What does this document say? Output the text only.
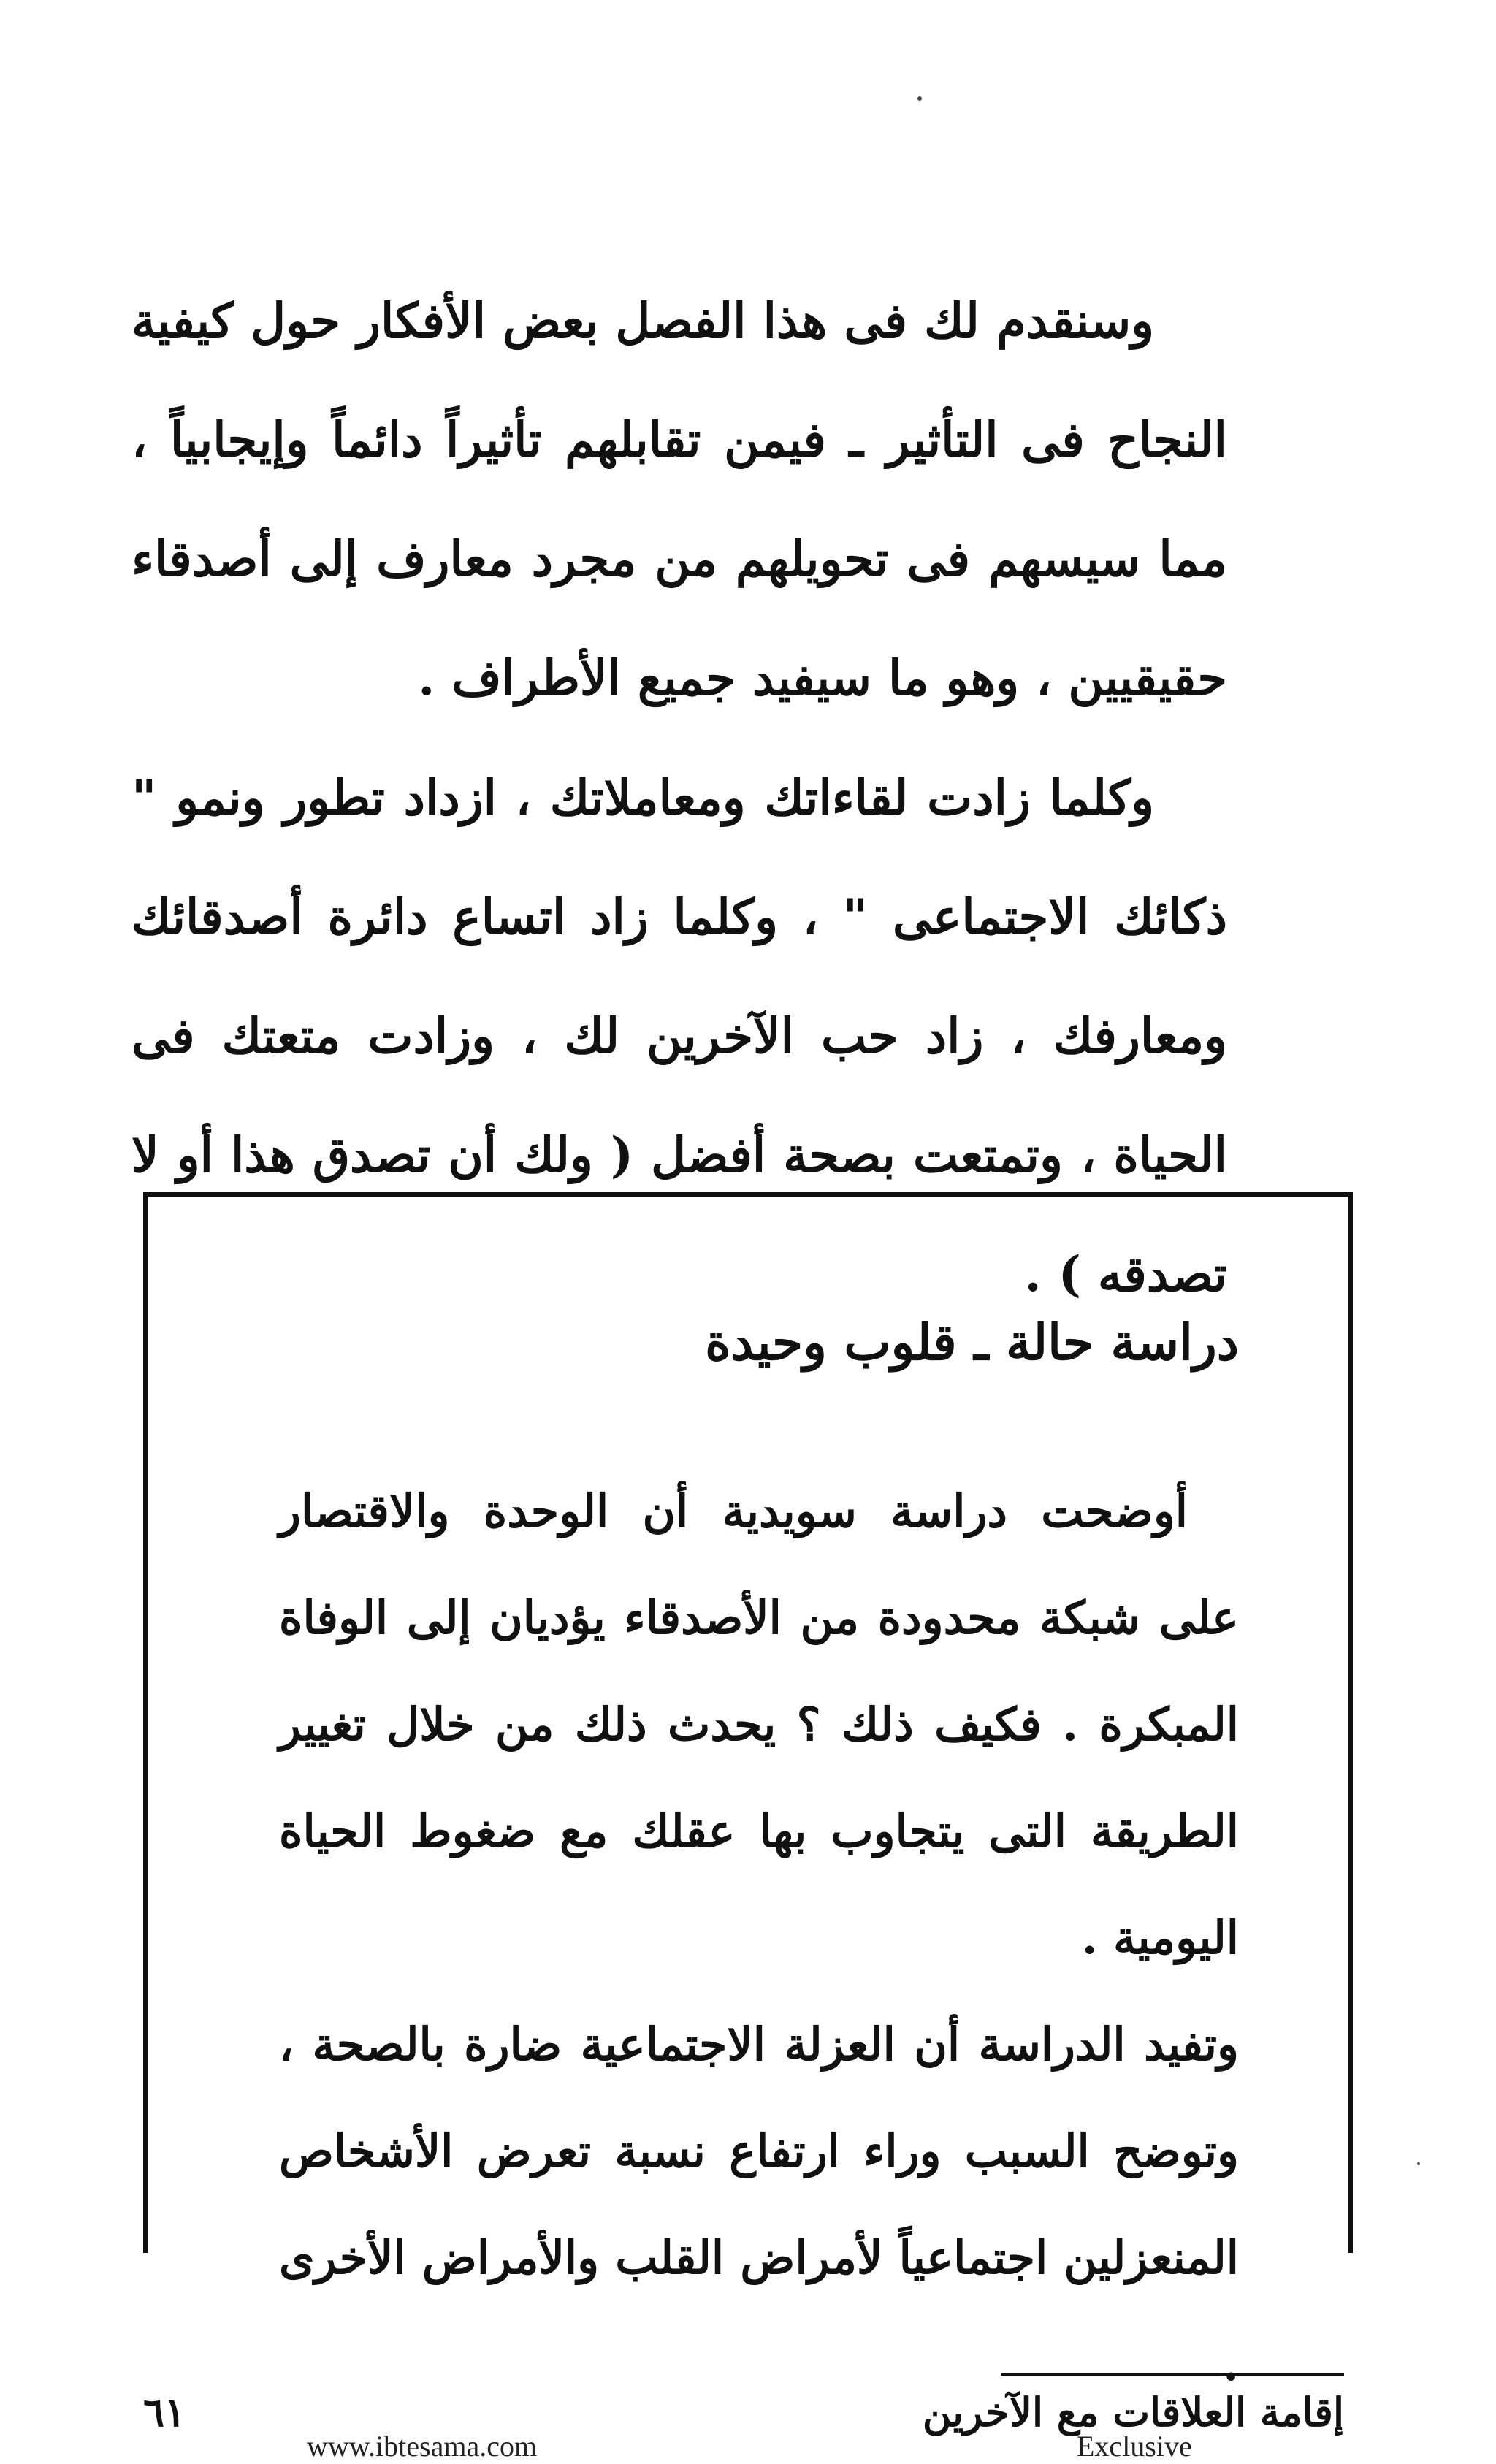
وسنقدم لك فى هذا الفصل بعض الأفكار حول كيفية النجاح فى التأثير ـ فيمن تقابلهم تأثيراً دائماً وإيجابياً ، مما سيسهم فى تحويلهم من مجرد معارف إلى أصدقاء حقيقيين ، وهو ما سيفيد جميع الأطراف .

وكلما زادت لقاءاتك ومعاملاتك ، ازداد تطور ونمو " ذكائك الاجتماعى " ، وكلما زاد اتساع دائرة أصدقائك ومعارفك ، زاد حب الآخرين لك ، وزادت متعتك فى الحياة ، وتمتعت بصحة أفضل ( ولك أن تصدق هذا أو لا تصدقه ) .

دراسة حالة ـ قلوب وحيدة

أوضحت دراسة سويدية أن الوحدة والاقتصار على شبكة محدودة من الأصدقاء يؤديان إلى الوفاة المبكرة . فكيف ذلك ؟ يحدث ذلك من خلال تغيير الطريقة التى يتجاوب بها عقلك مع ضغوط الحياة اليومية .

وتفيد الدراسة أن العزلة الاجتماعية ضارة بالصحة ، وتوضح السبب وراء ارتفاع نسبة تعرض الأشخاص المنعزلين اجتماعياً لأمراض القلب والأمراض الأخرى .

إقامة العلاقات مع الآخرين
٦١
www.ibtesama.com	Exclusive
